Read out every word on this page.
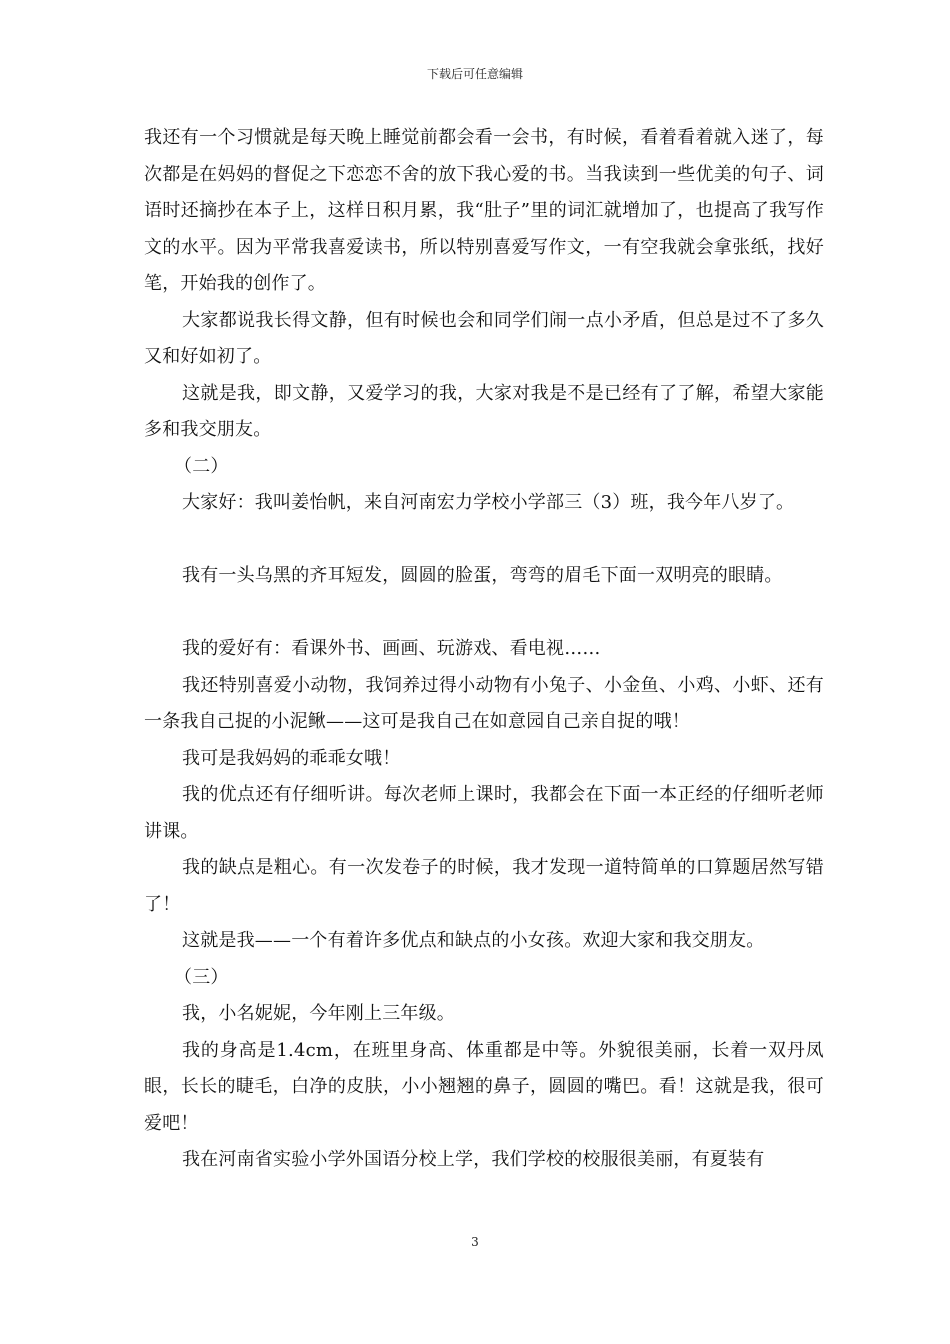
下载后可任意编辑

我还有一个习惯就是每天晚上睡觉前都会看一会书，有时候，看着看着就入迷了，每次都是在妈妈的督促之下恋恋不舍的放下我心爱的书。当我读到一些优美的句子、词语时还摘抄在本子上，这样日积月累，我“肚子”里的词汇就增加了，也提高了我写作文的水平。因为平常我喜爱读书，所以特别喜爱写作文，一有空我就会拿张纸，找好笔，开始我的创作了。

大家都说我长得文静，但有时候也会和同学们闹一点小矛盾，但总是过不了多久又和好如初了。

这就是我，即文静，又爱学习的我，大家对我是不是已经有了了解，希望大家能多和我交朋友。

（二）

大家好：我叫姜怡帆，来自河南宏力学校小学部三（3）班，我今年八岁了。

我有一头乌黑的齐耳短发，圆圆的脸蛋，弯弯的眉毛下面一双明亮的眼睛。

我的爱好有：看课外书、画画、玩游戏、看电视……

我还特别喜爱小动物，我饲养过得小动物有小兔子、小金鱼、小鸡、小虾、还有一条我自己捉的小泥鳅——这可是我自己在如意园自己亲自捉的哦！

我可是我妈妈的乖乖女哦！

我的优点还有仔细听讲。每次老师上课时，我都会在下面一本正经的仔细听老师讲课。

我的缺点是粗心。有一次发卷子的时候，我才发现一道特简单的口算题居然写错了！

这就是我——一个有着许多优点和缺点的小女孩。欢迎大家和我交朋友。

（三）

我，小名妮妮，今年刚上三年级。

我的身高是1.4cm，在班里身高、体重都是中等。外貌很美丽，长着一双丹凤眼，长长的睫毛，白净的皮肤，小小翘翘的鼻子，圆圆的嘴巴。看！这就是我，很可爱吧！

我在河南省实验小学外国语分校上学，我们学校的校服很美丽，有夏装有

3
